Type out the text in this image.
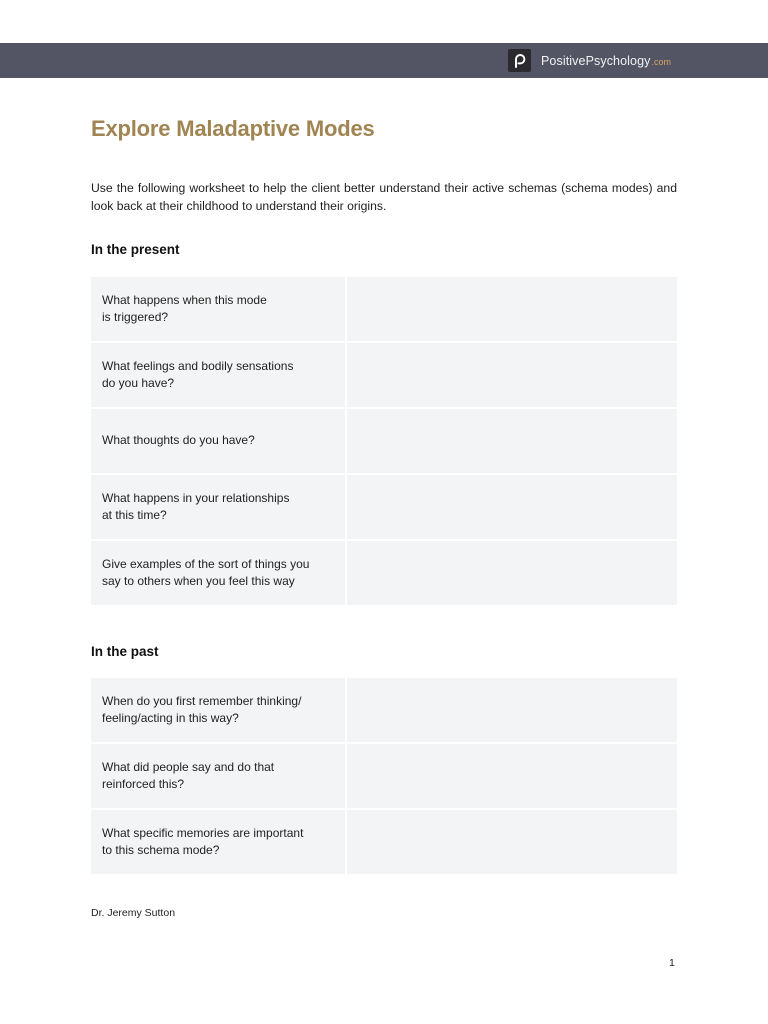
PositivePsychology .com
Explore Maladaptive Modes

Use the following worksheet to help the client better understand their active schemas (schema modes) and look back at their childhood to understand their origins.

In the present
What happens when this mode
is triggered?
What feelings and bodily sensations
do you have?
What thoughts do you have?
What happens in your relationships
at this time?
Give examples of the sort of things you
say to others when you feel this way
In the past
When do you first remember thinking/
feeling/acting in this way?
What did people say and do that
reinforced this?
What specific memories are important
to this schema mode?
Dr. Jeremy Sutton
1
